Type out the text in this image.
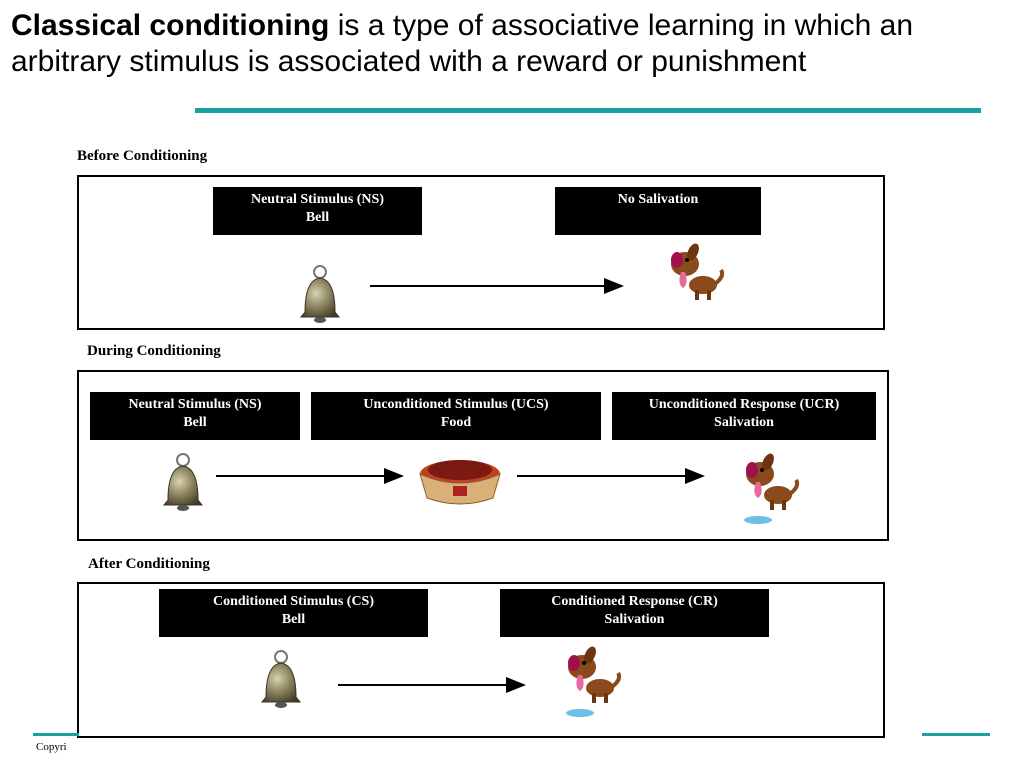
Classical conditioning is a type of associative learning in which an arbitrary stimulus is associated with a reward or punishment
Before Conditioning
Neutral Stimulus (NS)
Bell
No Salivation
During Conditioning
Neutral Stimulus (NS)
Bell
Unconditioned Stimulus (UCS)
Food
Unconditioned Response (UCR)
Salivation
After Conditioning
Conditioned Stimulus (CS)
Bell
Conditioned Response (CR)
Salivation
Copyri
